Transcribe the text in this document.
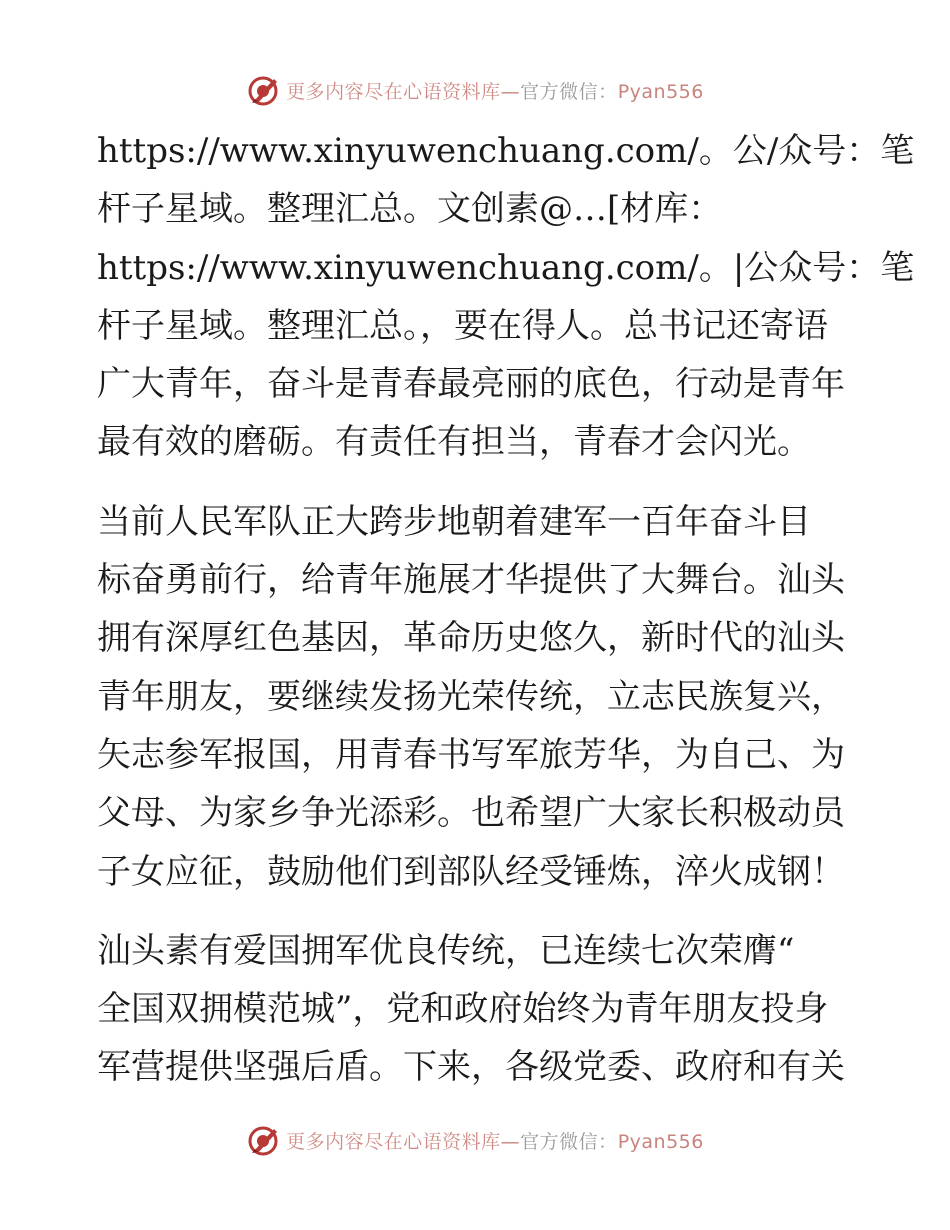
更多内容尽在心语资料库—官方微信：Pyan556

https://www.xinyuwenchuang.com/。公/众号：笔
杆子星域。整理汇总。文创素@…[材库：
https://www.xinyuwenchuang.com/。|公众号：笔
杆子星域。整理汇总。，要在得人。总书记还寄语
广大青年，奋斗是青春最亮丽的底色，行动是青年
最有效的磨砺。有责任有担当，青春才会闪光。

当前人民军队正大跨步地朝着建军一百年奋斗目
标奋勇前行，给青年施展才华提供了大舞台。汕头
拥有深厚红色基因，革命历史悠久，新时代的汕头
青年朋友，要继续发扬光荣传统，立志民族复兴，
矢志参军报国，用青春书写军旅芳华，为自己、为
父母、为家乡争光添彩。也希望广大家长积极动员
子女应征，鼓励他们到部队经受锤炼，淬火成钢！

汕头素有爱国拥军优良传统，已连续七次荣膺“
全国双拥模范城”，党和政府始终为青年朋友投身
军营提供坚强后盾。下来，各级党委、政府和有关

更多内容尽在心语资料库—官方微信：Pyan556
